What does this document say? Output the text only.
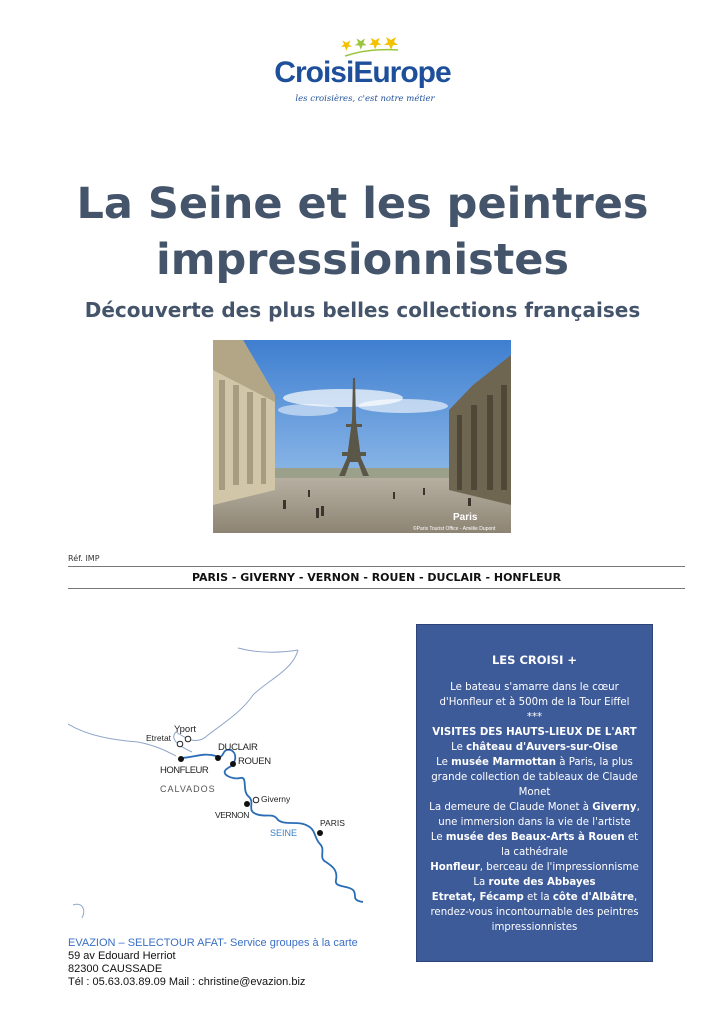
CroisiEurope
les croisières, c'est notre métier
La Seine et les peintres impressionnistes
Découverte des plus belles collections françaises
Paris
©Paris Tourist Office - Amélie Dupont
Réf. IMP
PARIS - GIVERNY - VERNON - ROUEN - DUCLAIR - HONFLEUR
Yport
Etretat
DUCLAIR
ROUEN
HONFLEUR
CALVADOS
Giverny
VERNON
PARIS
SEINE
LES CROISI +

Le bateau s'amarre dans le cœur d'Honfleur et à 500m de la Tour Eiffel

***

VISITES DES HAUTS-LIEUX DE L'ART

Le château d'Auvers-sur-Oise

Le musée Marmottan à Paris, la plus grande collection de tableaux de Claude Monet

La demeure de Claude Monet à Giverny, une immersion dans la vie de l'artiste

Le musée des Beaux-Arts à Rouen et la cathédrale

Honfleur, berceau de l'impressionnisme

La route des Abbayes

Etretat, Fécamp et la côte d'Albâtre, rendez-vous incontournable des peintres impressionnistes

EVAZION – SELECTOUR AFAT- Service groupes à la carte
59 av Edouard Herriot
82300 CAUSSADE
Tél : 05.63.03.89.09 Mail : christine@evazion.biz
